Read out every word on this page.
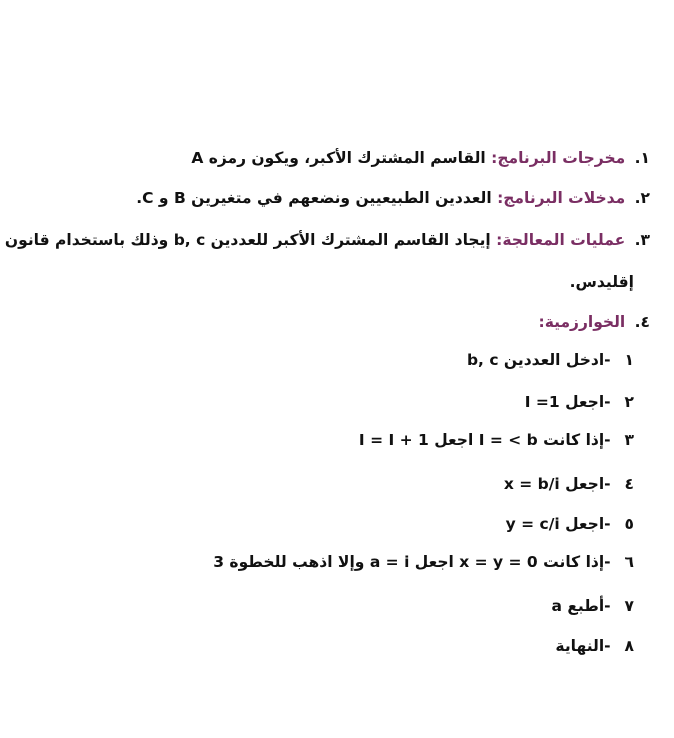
١. مخرجات البرنامج: القاسم المشترك الأكبر، ويكون رمزه A
٢. مدخلات البرنامج: العددين الطبيعيين ونضعهم في متغيرين B و C.
٣. عمليات المعالجة: إيجاد القاسم المشترك الأكبر للعددين b, c وذلك باستخدام قانون
إقليدس.
٤. الخوارزمية:
١ -ادخل العددين b, c
٢ -اجعل I =1
٣ -إذا كانت I = < b اجعل I = I + 1
٤ -اجعل x = b/i
٥ -اجعل y = c/i
٦ -إذا كانت x = y = 0 اجعل a = i وإلا اذهب للخطوة 3
٧ -أطبع a
٨ -النهاية
